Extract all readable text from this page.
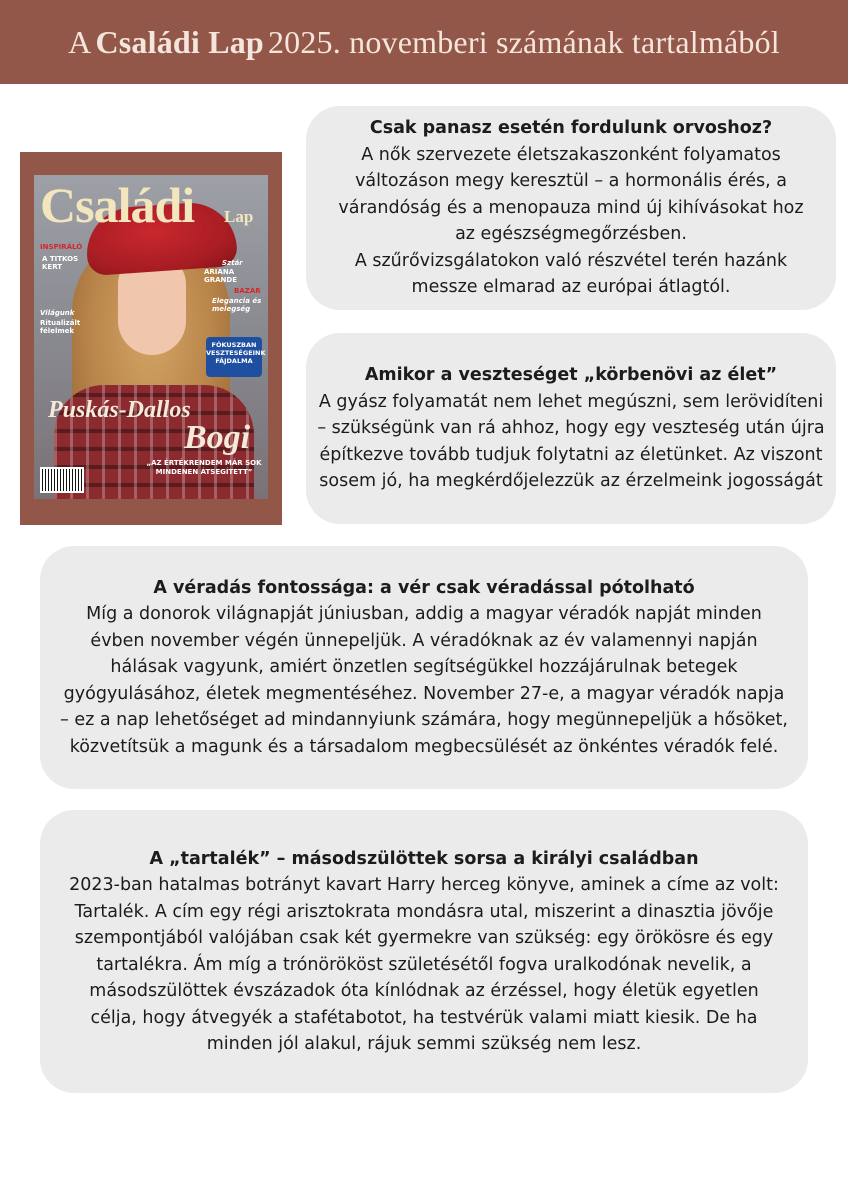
A Családi Lap 2025. novemberi számának tartalmából
Családi Lap
INSPIRÁLÓ
A TITKOS KERT	Sztár
ARIANA GRANDE
BAZÁR
Elegancia és melegség
Világunk
Ritualizált félelmek
FÓKUSZBAN VESZTESÉGEINK FÁJDALMA
Puskás-Dallos
Bogi
„AZ ÉRTÉKRENDEM MÁR SOK MINDENEN ÁTSEGÍTETT”

Csak panasz esetén fordulunk orvoshoz?

A nők szervezete életszakaszonként folyamatos változáson megy keresztül – a hormonális érés, a várandóság és a menopauza mind új kihívásokat hoz az egészségmegőrzésben.

A szűrővizsgálatokon való részvétel terén hazánk messze elmarad az európai átlagtól.

Amikor a veszteséget „körbenövi az élet”

A gyász folyamatát nem lehet megúszni, sem lerövidíteni – szükségünk van rá ahhoz, hogy egy veszteség után újra építkezve tovább tudjuk folytatni az életünket. Az viszont sosem jó, ha megkérdőjelezzük az érzelmeink jogosságát

A véradás fontossága: a vér csak véradással pótolható

Míg a donorok világnapját júniusban, addig a magyar véradók napját minden évben november végén ünnepeljük. A véradóknak az év valamennyi napján hálásak vagyunk, amiért önzetlen segítségükkel hozzájárulnak betegek gyógyulásához, életek megmentéséhez. November 27-e, a magyar véradók napja – ez a nap lehetőséget ad mindannyiunk számára, hogy megünnepeljük a hősöket, közvetítsük a magunk és a társadalom megbecsülését az önkéntes véradók felé.

A „tartalék” – másodszülöttek sorsa a királyi családban

2023-ban hatalmas botrányt kavart Harry herceg könyve, aminek a címe az volt: Tartalék. A cím egy régi arisztokrata mondásra utal, miszerint a dinasztia jövője szempontjából valójában csak két gyermekre van szükség: egy örökösre és egy tartalékra. Ám míg a trónörököst születésétől fogva uralkodónak nevelik, a másodszülöttek évszázadok óta kínlódnak az érzéssel, hogy életük egyetlen célja, hogy átvegyék a stafétabotot, ha testvérük valami miatt kiesik. De ha minden jól alakul, rájuk semmi szükség nem lesz.
